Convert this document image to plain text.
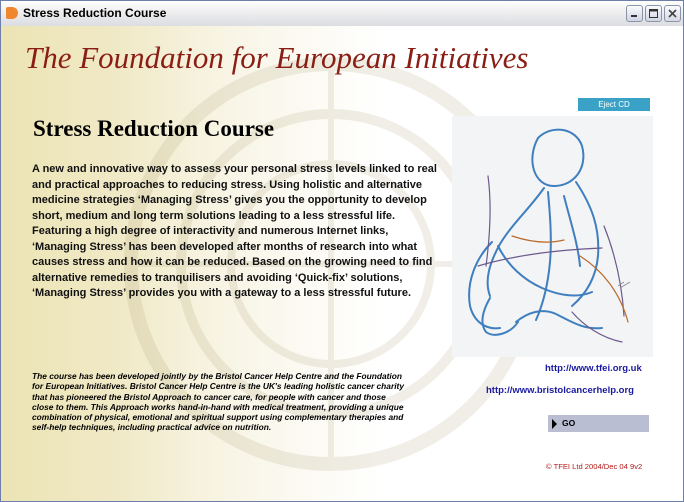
Stress Reduction Course
The Foundation for European Initiatives
Eject CD
Stress Reduction Course
A new and innovative way to assess your personal stress levels linked to real and practical approaches to reducing stress. Using holistic and alternative medicine strategies ‘Managing Stress’ gives you the opportunity to develop short, medium and long term solutions leading to a less stressful life. Featuring a high degree of interactivity and numerous Internet links, ‘Managing Stress’ has been developed after months of research into what causes stress and how it can be reduced. Based on the growing need to find alternative remedies to tranquilisers and avoiding ‘Quick-fix’ solutions, ‘Managing Stress’ provides you with a gateway to a less stressful future.
The course has been developed jointly by the Bristol Cancer Help Centre and the Foundation for European Initiatives. Bristol Cancer Help Centre is the UK's leading holistic cancer charity that has pioneered the Bristol Approach to cancer care, for people with cancer and those close to them. This Approach works hand-in-hand with medical treatment, providing a unique combination of physical, emotional and spiritual support using complementary therapies and self-help techniques, including practical advice on nutrition.
http://www.tfei.org.uk
http://www.bristolcancerhelp.org
GO
© TFEI Ltd 2004/Dec 04 9v2
